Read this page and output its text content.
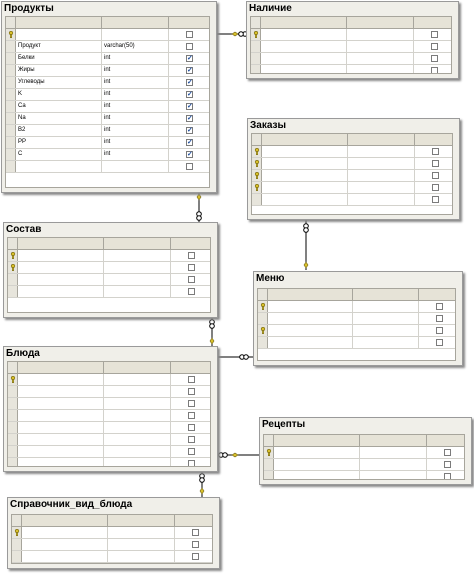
Продукты
Продукт	varchar(50)
Белки	int	✓
Жиры	int	✓
Углеводы	int	✓
K	int	✓
Ca	int	✓
Na	int	✓
B2	int	✓
PP	int	✓
C	int	✓
Наличие
Заказы
Состав
Меню
Блюда
Рецепты
Справочник_вид_блюда
